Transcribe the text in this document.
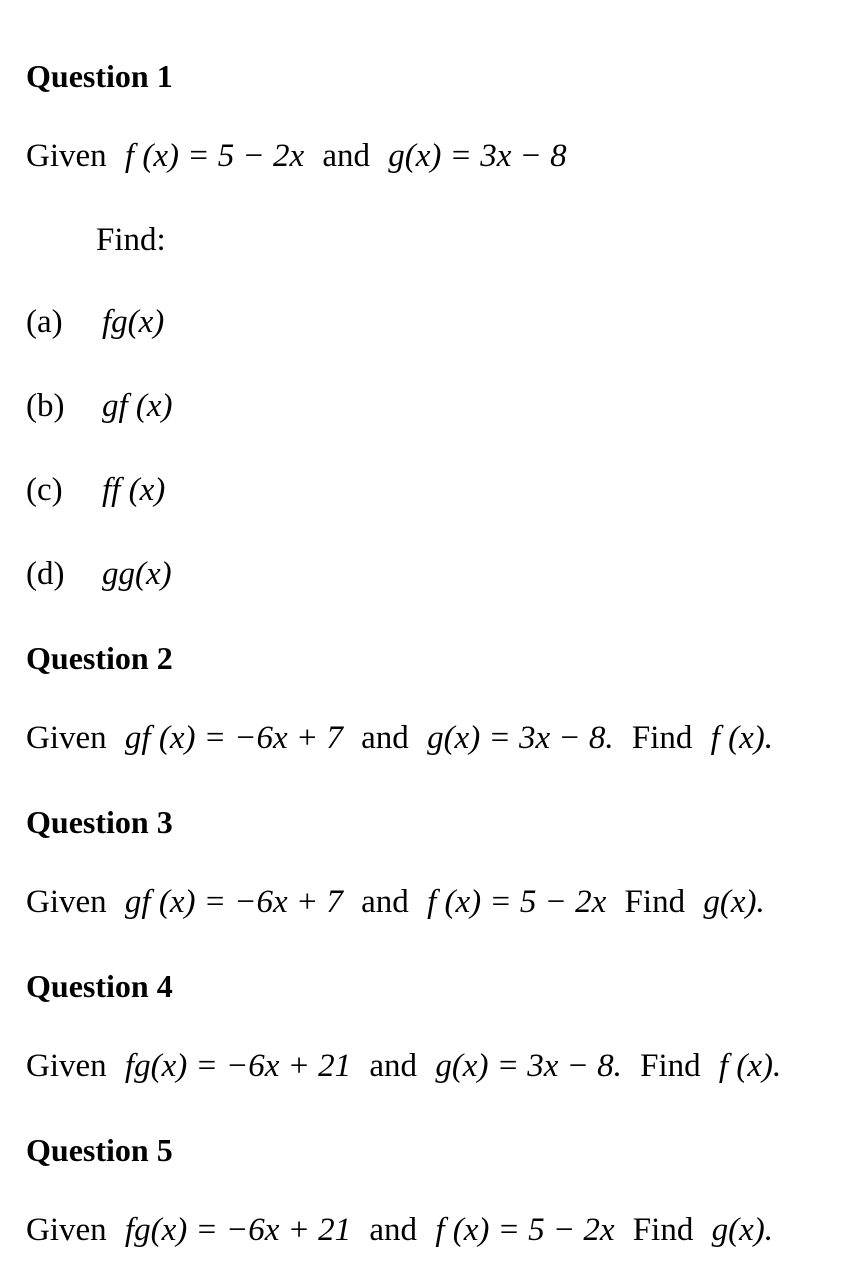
Question 1
Given f (x) = 5 − 2x and g(x) = 3x − 8
Find:
(a) fg(x)
(b) gf (x)
(c) ff (x)
(d) gg(x)
Question 2
Given gf (x) = −6x + 7 and g(x) = 3x − 8. Find f (x).
Question 3
Given gf (x) = −6x + 7 and f (x) = 5 − 2x Find g(x).
Question 4
Given fg(x) = −6x + 21 and g(x) = 3x − 8. Find f (x).
Question 5
Given fg(x) = −6x + 21 and f (x) = 5 − 2x Find g(x).
